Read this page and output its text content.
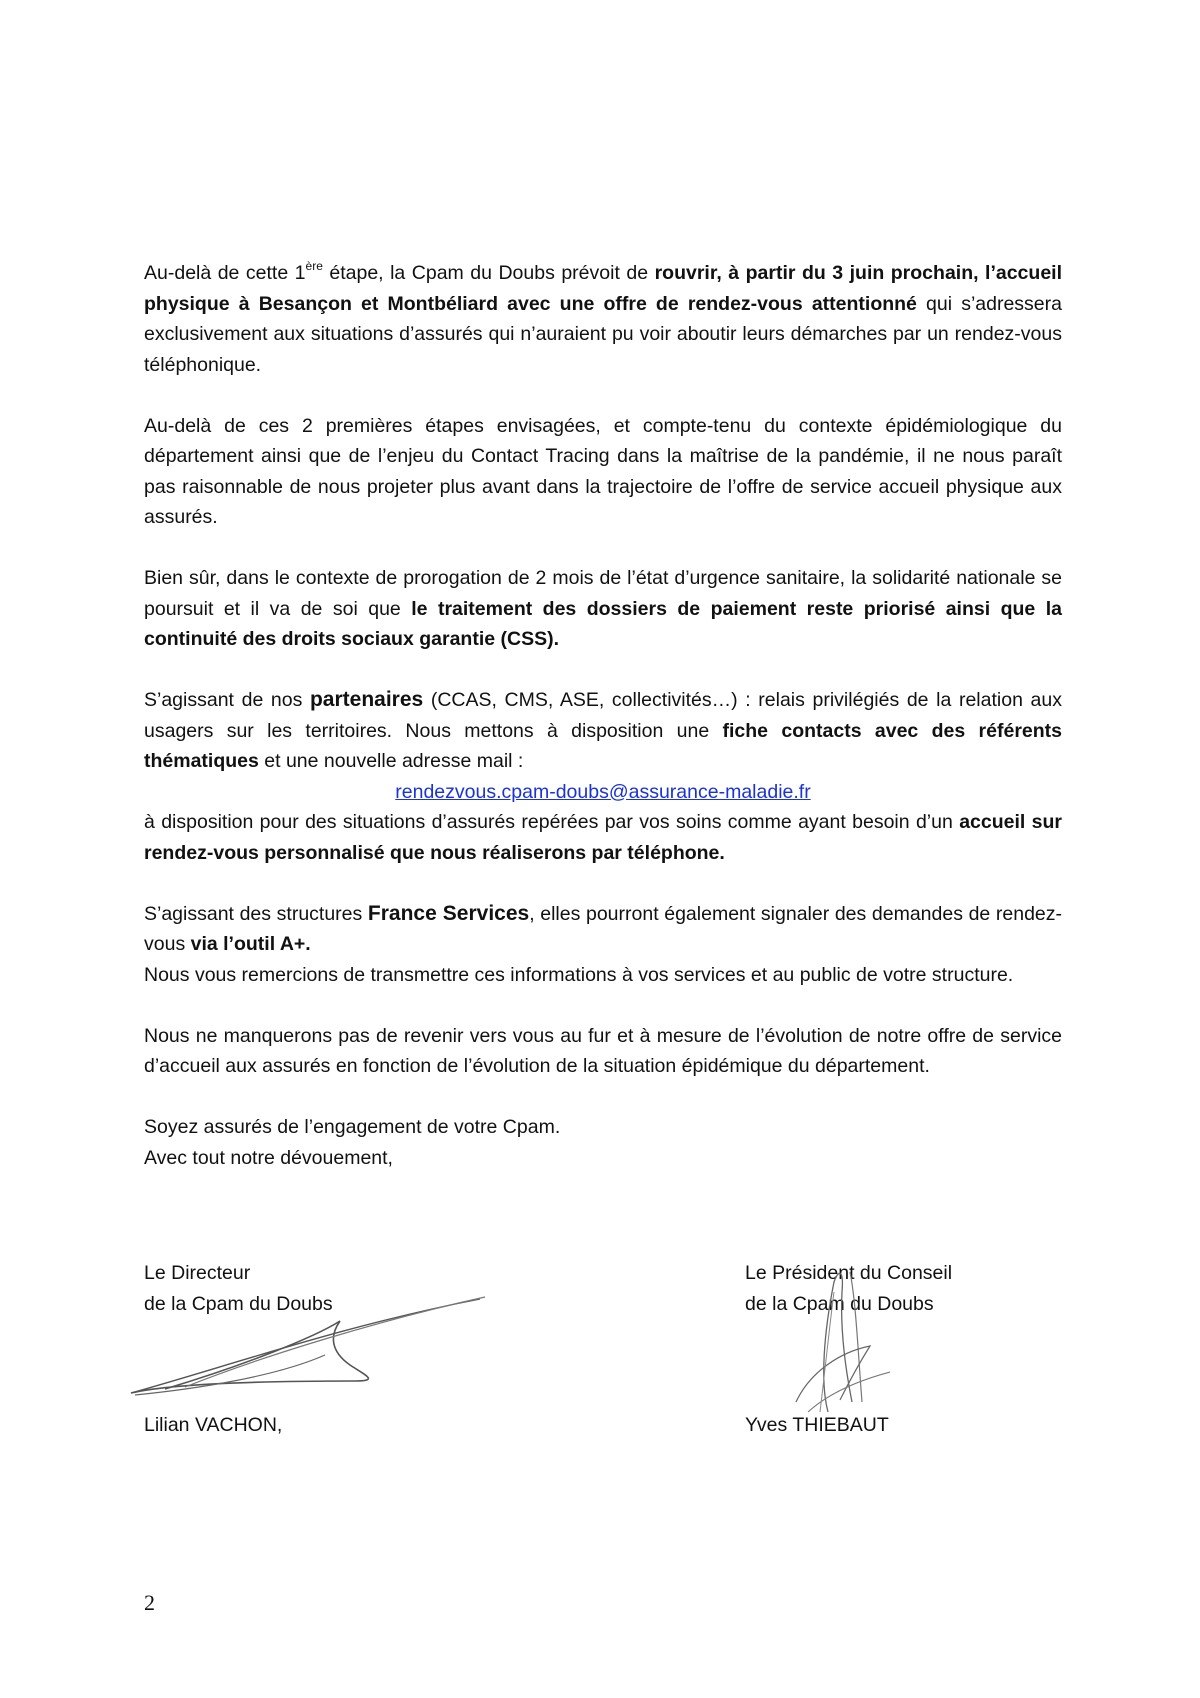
Au-delà de cette 1ère étape, la Cpam du Doubs prévoit de rouvrir, à partir du 3 juin prochain, l’accueil physique à Besançon et Montbéliard avec une offre de rendez-vous attentionné qui s’adressera exclusivement aux situations d’assurés qui n’auraient pu voir aboutir leurs démarches par un rendez-vous téléphonique.

Au-delà de ces 2 premières étapes envisagées, et compte-tenu du contexte épidémiologique du département ainsi que de l’enjeu du Contact Tracing dans la maîtrise de la pandémie, il ne nous paraît pas raisonnable de nous projeter plus avant dans la trajectoire de l’offre de service accueil physique aux assurés.

Bien sûr, dans le contexte de prorogation de 2 mois de l’état d’urgence sanitaire, la solidarité nationale se poursuit et il va de soi que le traitement des dossiers de paiement reste priorisé ainsi que la continuité des droits sociaux garantie (CSS).

S’agissant de nos partenaires (CCAS, CMS, ASE, collectivités…) : relais privilégiés de la relation aux usagers sur les territoires. Nous mettons à disposition une fiche contacts avec des référents thématiques et une nouvelle adresse mail :

rendezvous.cpam-doubs@assurance-maladie.fr
à disposition pour des situations d’assurés repérées par vos soins comme ayant besoin d’un accueil sur rendez-vous personnalisé que nous réaliserons par téléphone.

S’agissant des structures France Services, elles pourront également signaler des demandes de rendez-vous via l’outil A+.

Nous vous remercions de transmettre ces informations à vos services et au public de votre structure.

Nous ne manquerons pas de revenir vers vous au fur et à mesure de l’évolution de notre offre de service d’accueil aux assurés en fonction de l’évolution de la situation épidémique du département.

Soyez assurés de l’engagement de votre Cpam.

Avec tout notre dévouement,

Le Directeur
de la Cpam du Doubs
Lilian VACHON,
Le Président du Conseil
de la Cpam du Doubs
Yves THIEBAUT
2
